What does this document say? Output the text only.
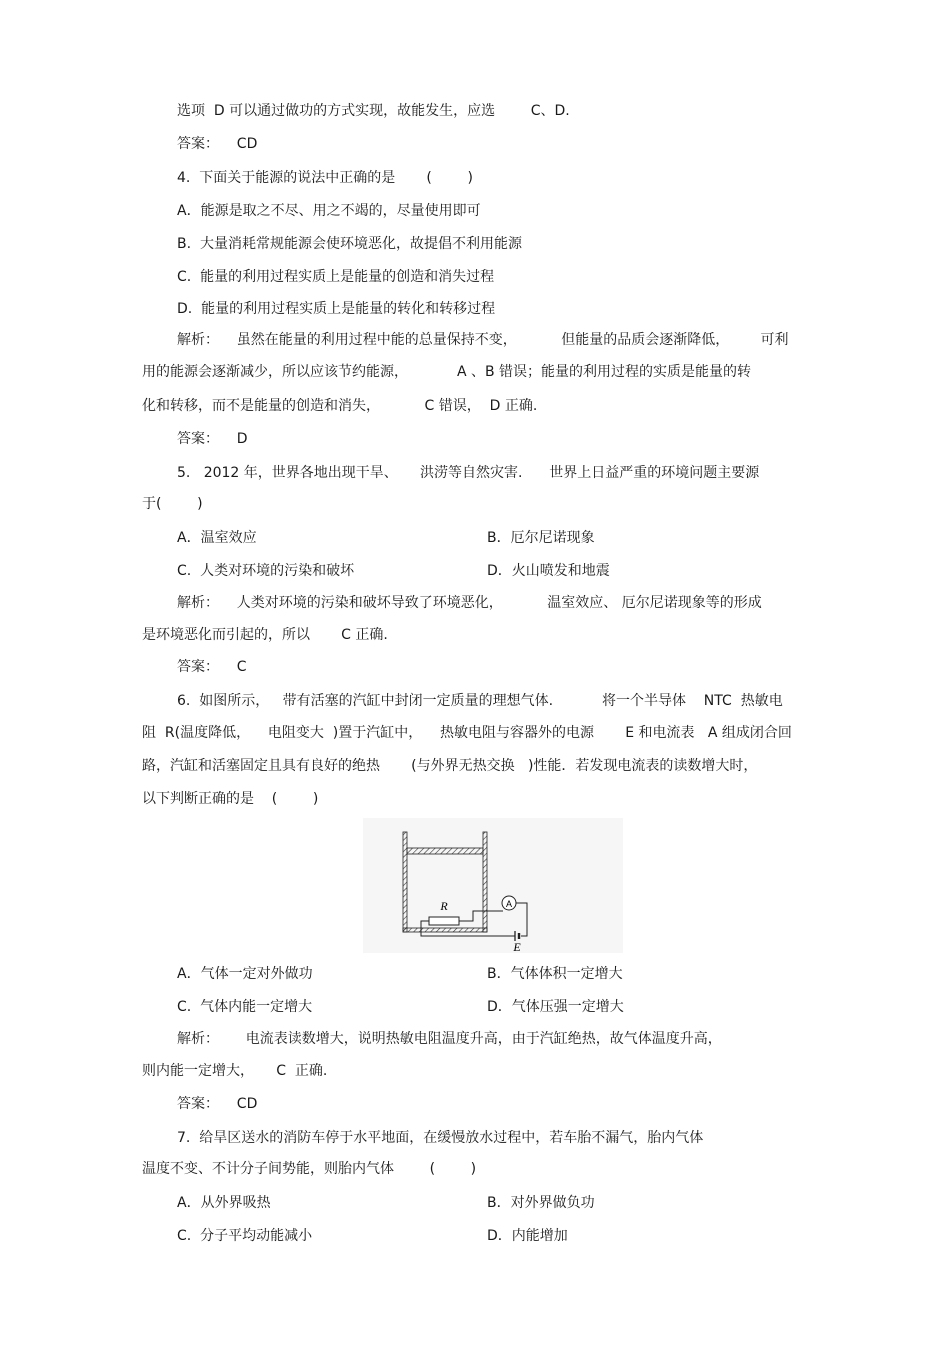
选项  D 可以通过做功的方式实现，故能发生，应选        C、D.
答案：    CD
4.  下面关于能源的说法中正确的是       (        )
A．能源是取之不尽、用之不竭的，尽量使用即可
B.  大量消耗常规能源会使环境恶化，故提倡不利用能源
C.  能量的利用过程实质上是能量的创造和消失过程
D.  能量的利用过程实质上是能量的转化和转移过程
解析：    虽然在能量的利用过程中能的总量保持不变，          但能量的品质会逐渐降低，       可利
用的能源会逐渐减少，所以应该节约能源，           A 、B 错误；能量的利用过程的实质是能量的转
化和转移，而不是能量的创造和消失，          C 错误，  D 正确.
答案：    D
5.   2012 年，世界各地出现干旱、     洪涝等自然灾害.      世界上日益严重的环境问题主要源
于(        )
A．温室效应	B．厄尔尼诺现象
C.  人类对环境的污染和破坏	D．火山喷发和地震
解析：    人类对环境的污染和破坏导致了环境恶化，          温室效应、 厄尔尼诺现象等的形成
是环境恶化而引起的，所以       C 正确.
答案：    C
6.  如图所示，   带有活塞的汽缸中封闭一定质量的理想气体.           将一个半导体    NTC  热敏电
阻  R(温度降低，    电阻变大  )置于汽缸中，    热敏电阻与容器外的电源       E 和电流表   A 组成闭合回
路，汽缸和活塞固定且具有良好的绝热       (与外界无热交换   )性能．若发现电流表的读数增大时，
以下判断正确的是    (        )
R	A
E
A．气体一定对外做功	B．气体体积一定增大
C.  气体内能一定增大	D．气体压强一定增大
解析：      电流表读数增大，说明热敏电阻温度升高，由于汽缸绝热，故气体温度升高，
则内能一定增大，     C  正确.
答案：    CD
7.  给旱区送水的消防车停于水平地面，在缓慢放水过程中，若车胎不漏气，胎内气体
温度不变、不计分子间势能，则胎内气体        (        )
A．从外界吸热	B．对外界做负功
C.  分子平均动能减小	D．内能增加
